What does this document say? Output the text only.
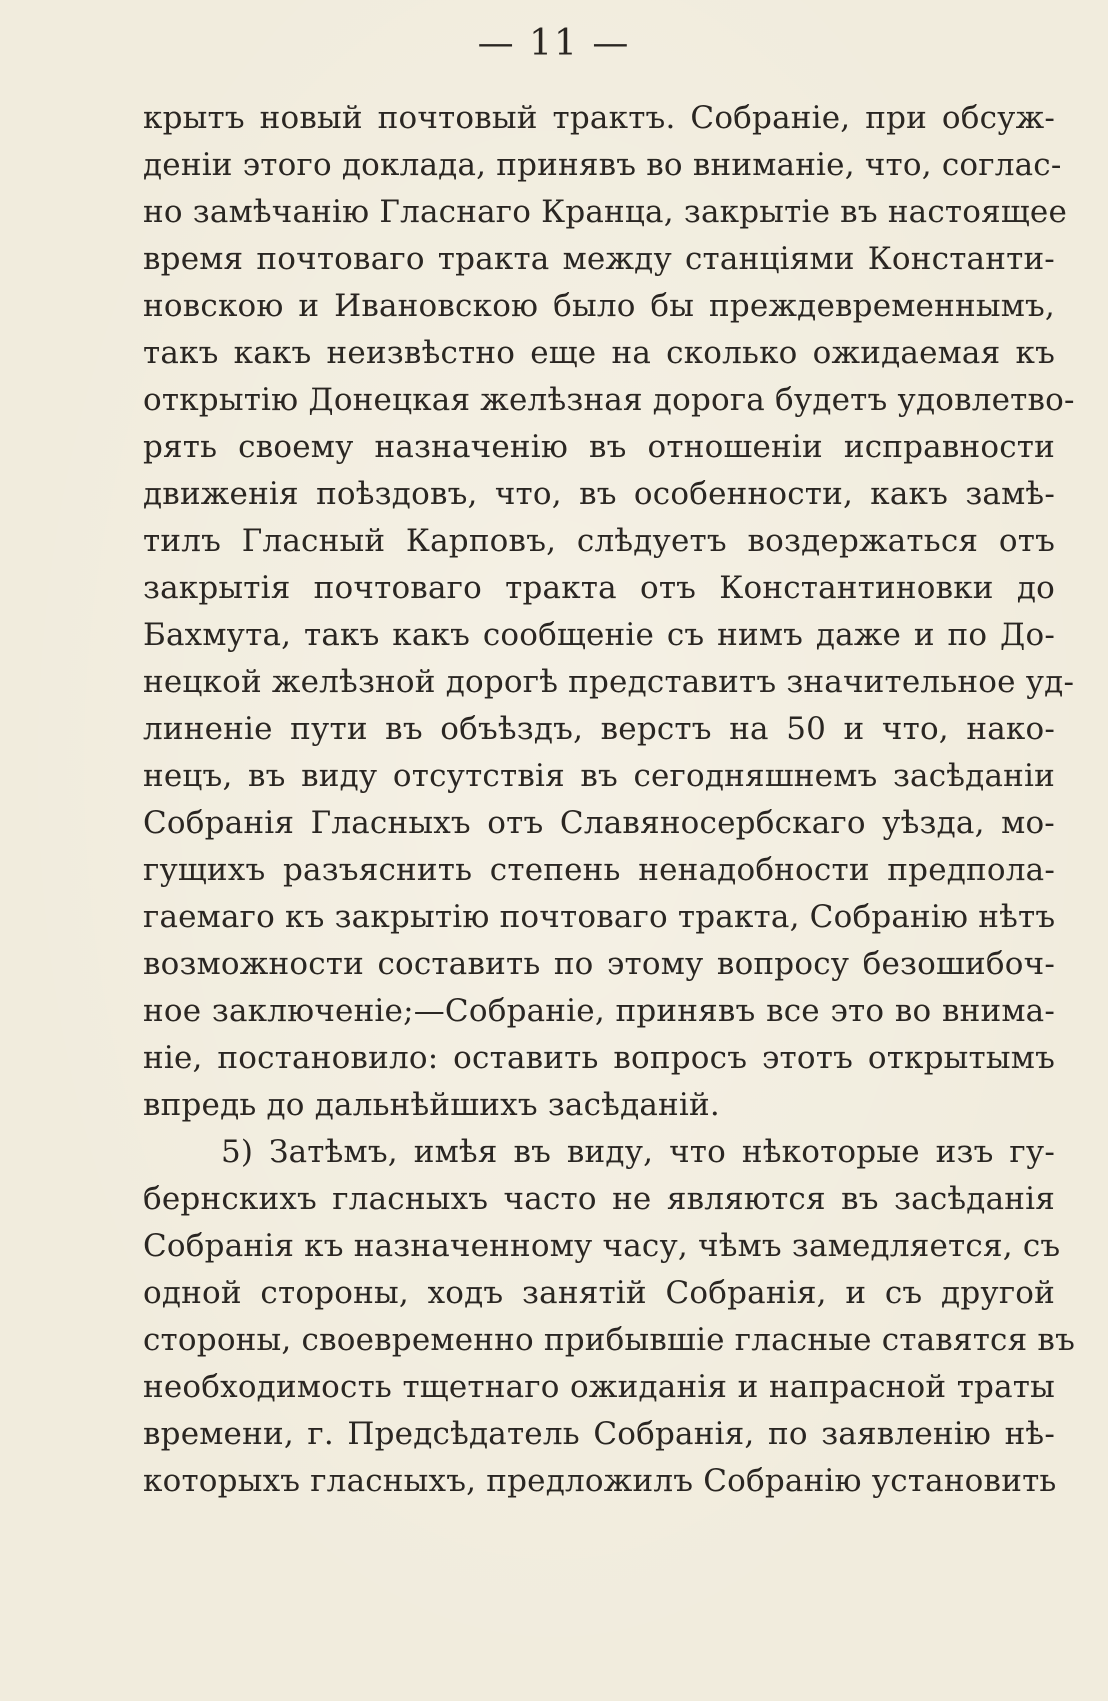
— 11 —
крытъ новый почтовый трактъ. Собраніе, при обсуж-
деніи этого доклада, принявъ во вниманіе, что, соглас-
но замѣчанію Гласнаго Кранца, закрытіе въ настоящее
время почтоваго тракта между станціями Константи-
новскою и Ивановскою было бы преждевременнымъ,
такъ какъ неизвѣстно еще на сколько ожидаемая къ
открытію Донецкая желѣзная дорога будетъ удовлетво-
рять своему назначенію въ отношеніи исправности
движенія поѣздовъ, что, въ особенности, какъ замѣ-
тилъ Гласный Карповъ, слѣдуетъ воздержаться отъ
закрытія почтоваго тракта отъ Константиновки до
Бахмута, такъ какъ сообщеніе съ нимъ даже и по До-
нецкой желѣзной дорогѣ представитъ значительное уд-
линеніе пути въ объѣздъ, верстъ на 50 и что, нако-
нецъ, въ виду отсутствія въ сегодняшнемъ засѣданіи
Собранія Гласныхъ отъ Славяносербскаго уѣзда, мо-
гущихъ разъяснить степень ненадобности предпола-
гаемаго къ закрытію почтоваго тракта, Собранію нѣтъ
возможности составить по этому вопросу безошибоч-
ное заключеніе;—Собраніе, принявъ все это во внима-
ніе, постановило: оставить вопросъ этотъ открытымъ
впредь до дальнѣйшихъ засѣданій.
5) Затѣмъ, имѣя въ виду, что нѣкоторые изъ гу-
бернскихъ гласныхъ часто не являются въ засѣданія
Собранія къ назначенному часу, чѣмъ замедляется, съ
одной стороны, ходъ занятій Собранія, и съ другой
стороны, своевременно прибывшіе гласные ставятся въ
необходимость тщетнаго ожиданія и напрасной траты
времени, г. Предсѣдатель Собранія, по заявленію нѣ-
которыхъ гласныхъ, предложилъ Собранію установить
